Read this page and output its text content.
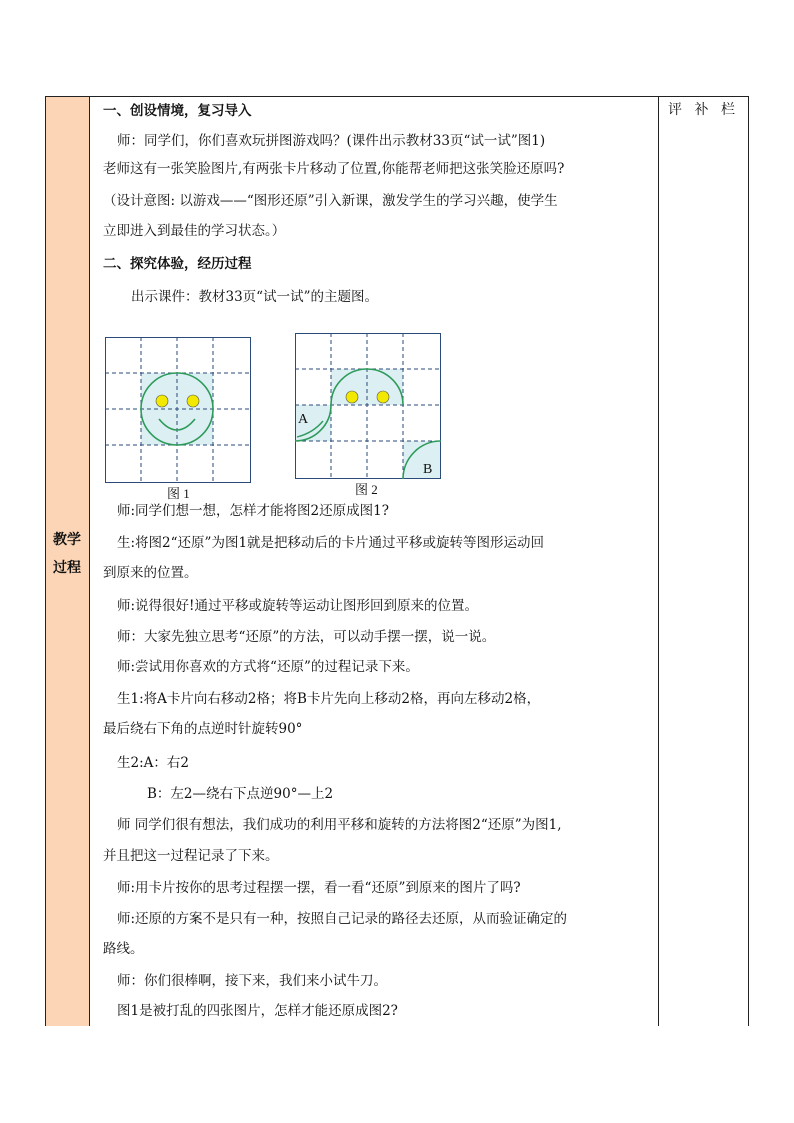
教学
过程
评 补 栏
一、创设情境，复习导入
师：同学们，你们喜欢玩拼图游戏吗？(课件出示教材33页“试一试”图1)
老师这有一张笑脸图片,有两张卡片移动了位置,你能帮老师把这张笑脸还原吗?
（设计意图: 以游戏——“图形还原”引入新课，激发学生的学习兴趣，使学生
立即进入到最佳的学习状态。）
二、探究体验，经历过程
出示课件：教材33页“试一试”的主题图。
师:同学们想一想，怎样才能将图2还原成图1?
生:将图2“还原”为图1就是把移动后的卡片通过平移或旋转等图形运动回
到原来的位置。
师:说得很好!通过平移或旋转等运动让图形回到原来的位置。
师：大家先独立思考“还原”的方法，可以动手摆一摆，说一说。
师:尝试用你喜欢的方式将“还原”的过程记录下来。
生1:将A卡片向右移动2格；将B卡片先向上移动2格，再向左移动2格，
最后绕右下角的点逆时针旋转90°
生2:A：右2
B：左2—绕右下点逆90°—上2
师 同学们很有想法，我们成功的利用平移和旋转的方法将图2“还原”为图1,
并且把这一过程记录了下来。
师:用卡片按你的思考过程摆一摆，看一看“还原”到原来的图片了吗?
师:还原的方案不是只有一种，按照自己记录的路径去还原，从而验证确定的
路线。
师：你们很棒啊，接下来，我们来小试牛刀。
图1是被打乱的四张图片，怎样才能还原成图2?
图 1
A
B
图 2
